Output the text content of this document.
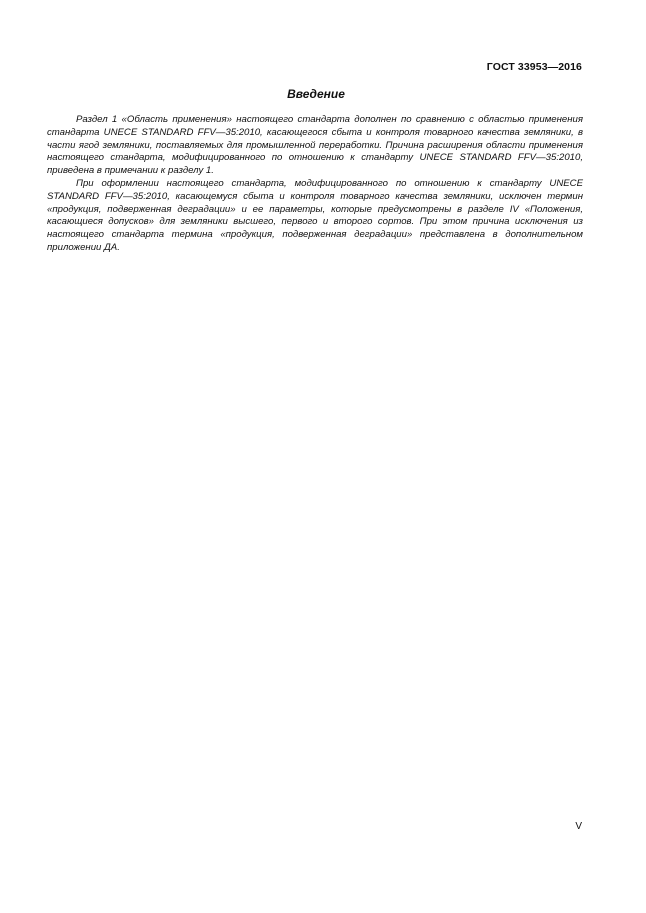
ГОСТ 33953—2016
Введение

Раздел 1 «Область применения» настоящего стандарта дополнен по сравнению с областью применения стандарта UNECE STANDARD FFV—35:2010, касающегося сбыта и контроля товарного качества земляники, в части ягод земляники, поставляемых для промышленной переработки. Причина расширения области применения настоящего стандарта, модифицированного по отношению к стандарту UNECE STANDARD FFV—35:2010, приведена в примечании к разделу 1.

При оформлении настоящего стандарта, модифицированного по отношению к стандарту UNECE STANDARD FFV—35:2010, касающемуся сбыта и контроля товарного качества земляники, исключен термин «продукция, подверженная деградации» и ее параметры, которые предусмотрены в разделе IV «Положения, касающиеся допусков» для земляники высшего, первого и второго сортов. При этом причина исключения из настоящего стандарта термина «продукция, подверженная деградации» представлена в дополнительном приложении ДА.

V
